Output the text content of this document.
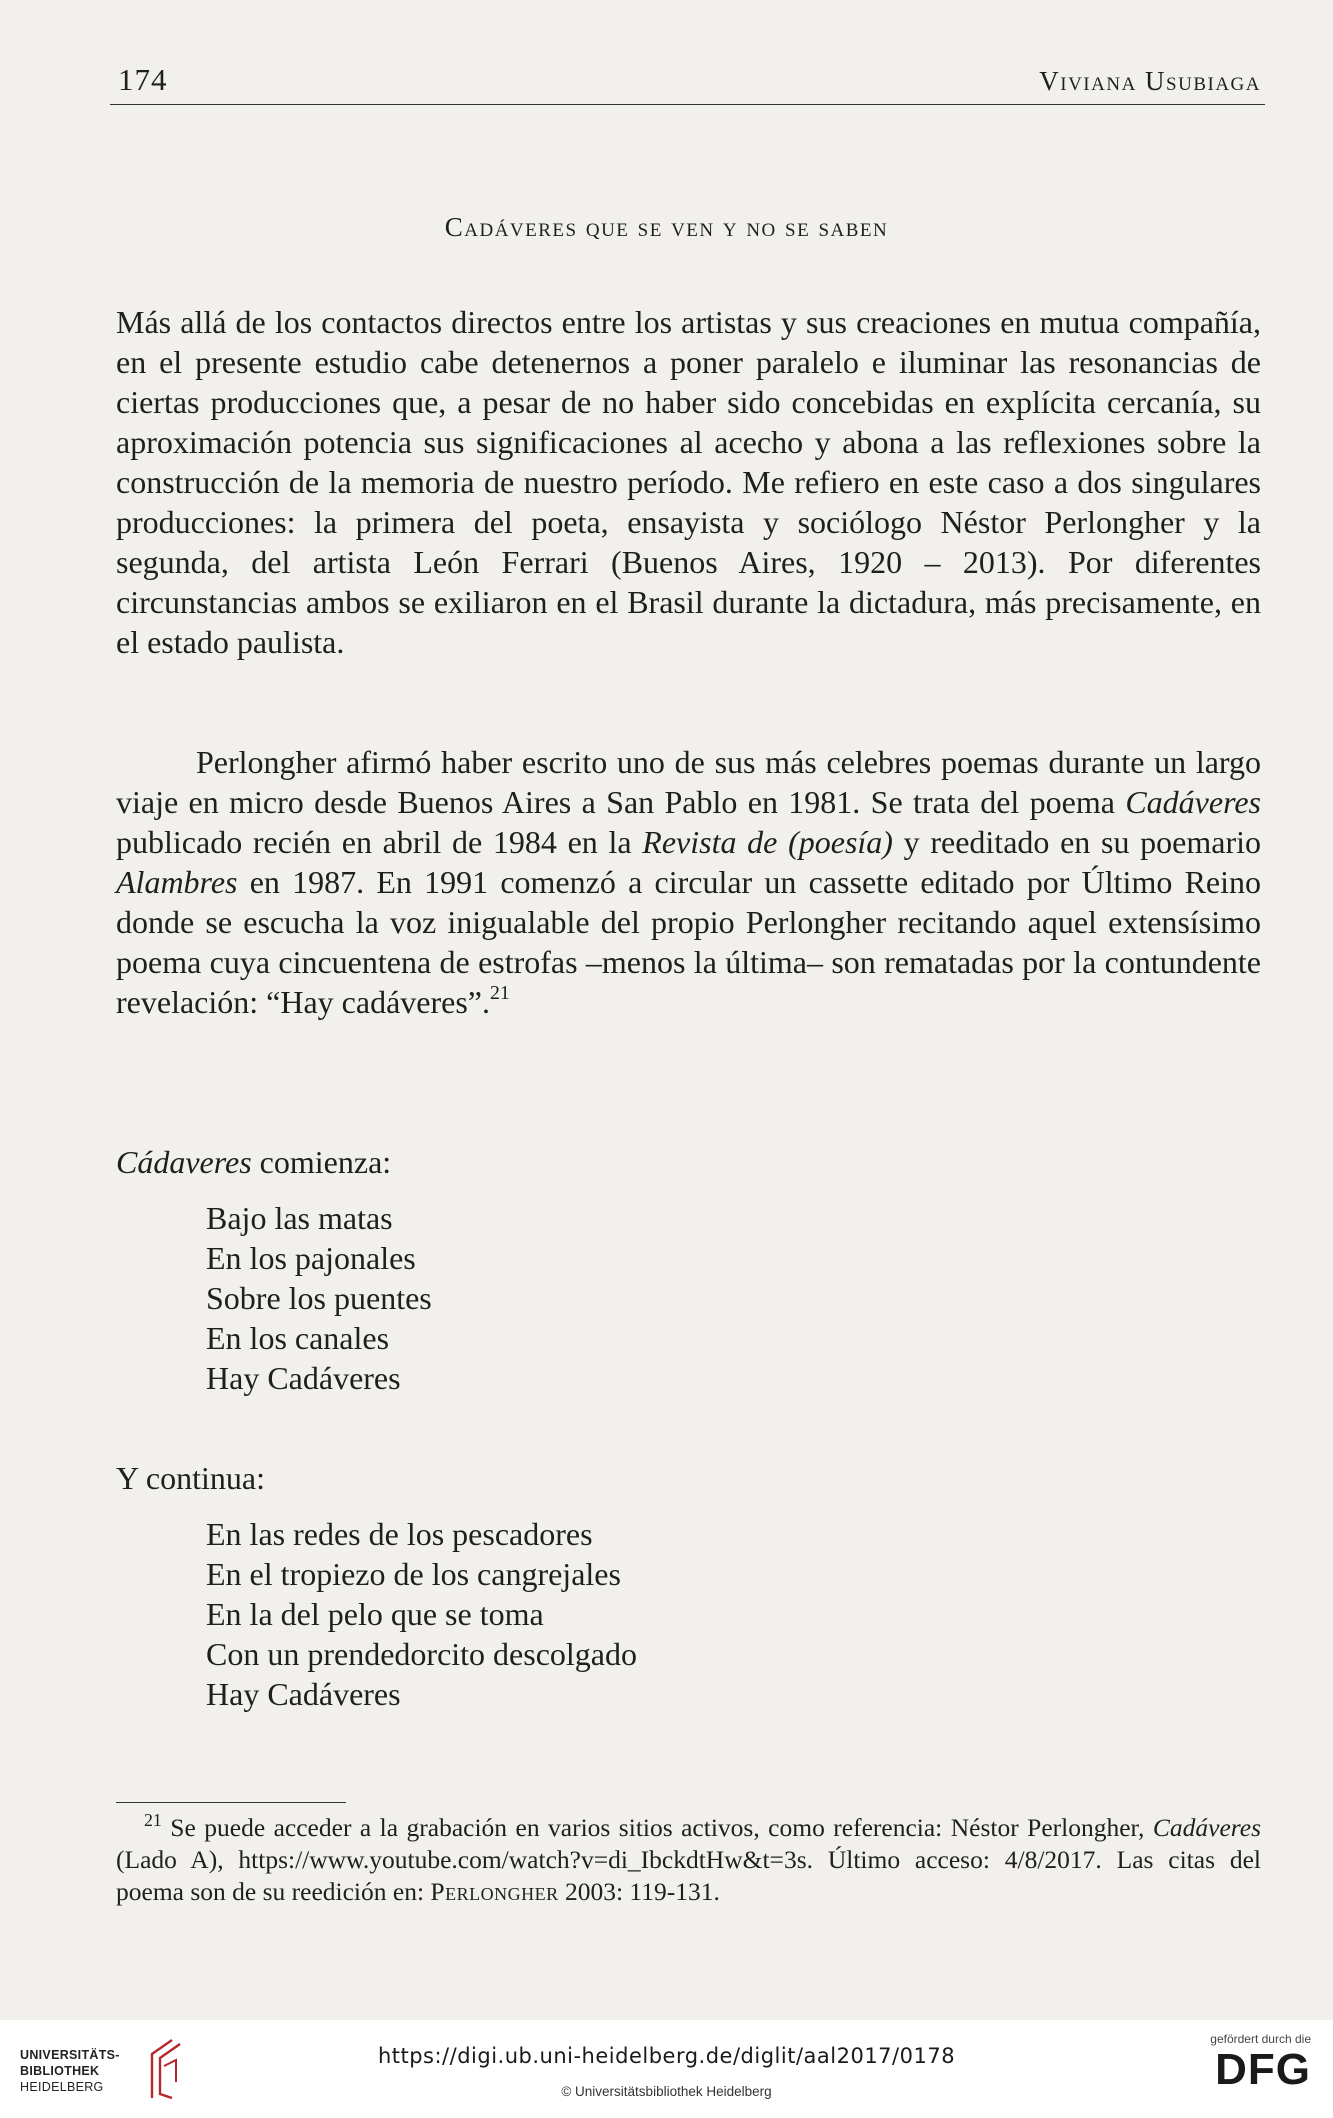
174	Viviana Usubiaga
Cadáveres que se ven y no se saben

Más allá de los contactos directos entre los artistas y sus creaciones en mutua compañía, en el presente estudio cabe detenernos a poner paralelo e iluminar las resonancias de ciertas producciones que, a pesar de no haber sido concebidas en explícita cercanía, su aproximación potencia sus significaciones al acecho y abona a las reflexiones sobre la construcción de la memoria de nuestro período. Me refiero en este caso a dos singulares producciones: la primera del poeta, ensayista y sociólogo Néstor Perlongher y la segunda, del artista León Ferrari (Buenos Aires, 1920 – 2013). Por diferentes circunstancias ambos se exiliaron en el Brasil durante la dictadura, más precisamente, en el estado paulista.

Perlongher afirmó haber escrito uno de sus más celebres poemas durante un largo viaje en micro desde Buenos Aires a San Pablo en 1981. Se trata del poema Cadáveres publicado recién en abril de 1984 en la Revista de (poesía) y reeditado en su poemario Alambres en 1987. En 1991 comenzó a circular un cassette editado por Último Reino donde se escucha la voz inigualable del propio Perlongher recitando aquel extensísimo poema cuya cincuentena de estrofas –menos la última– son rematadas por la contundente revelación: “Hay cadáveres”.$^{21}$

Cádaveres comienza:

Bajo las matas
En los pajonales
Sobre los puentes
En los canales
Hay Cadáveres

Y continua:

En las redes de los pescadores
En el tropiezo de los cangrejales
En la del pelo que se toma
Con un prendedorcito descolgado
Hay Cadáveres

$^{21}$ Se puede acceder a la grabación en varios sitios activos, como referencia: Néstor Perlongher, Cadáveres (Lado A), https://www.youtube.com/watch?v=di_IbckdtHw&t=3s. Último acceso: 4/8/2017. Las citas del poema son de su reedición en: Perlongher 2003: 119-131.

UNIVERSITÄTS-
BIBLIOTHEK
HEIDELBERG
https://digi.ub.uni-heidelberg.de/diglit/aal2017/0178
© Universitätsbibliothek Heidelberg
gefördert durch die
DFG
